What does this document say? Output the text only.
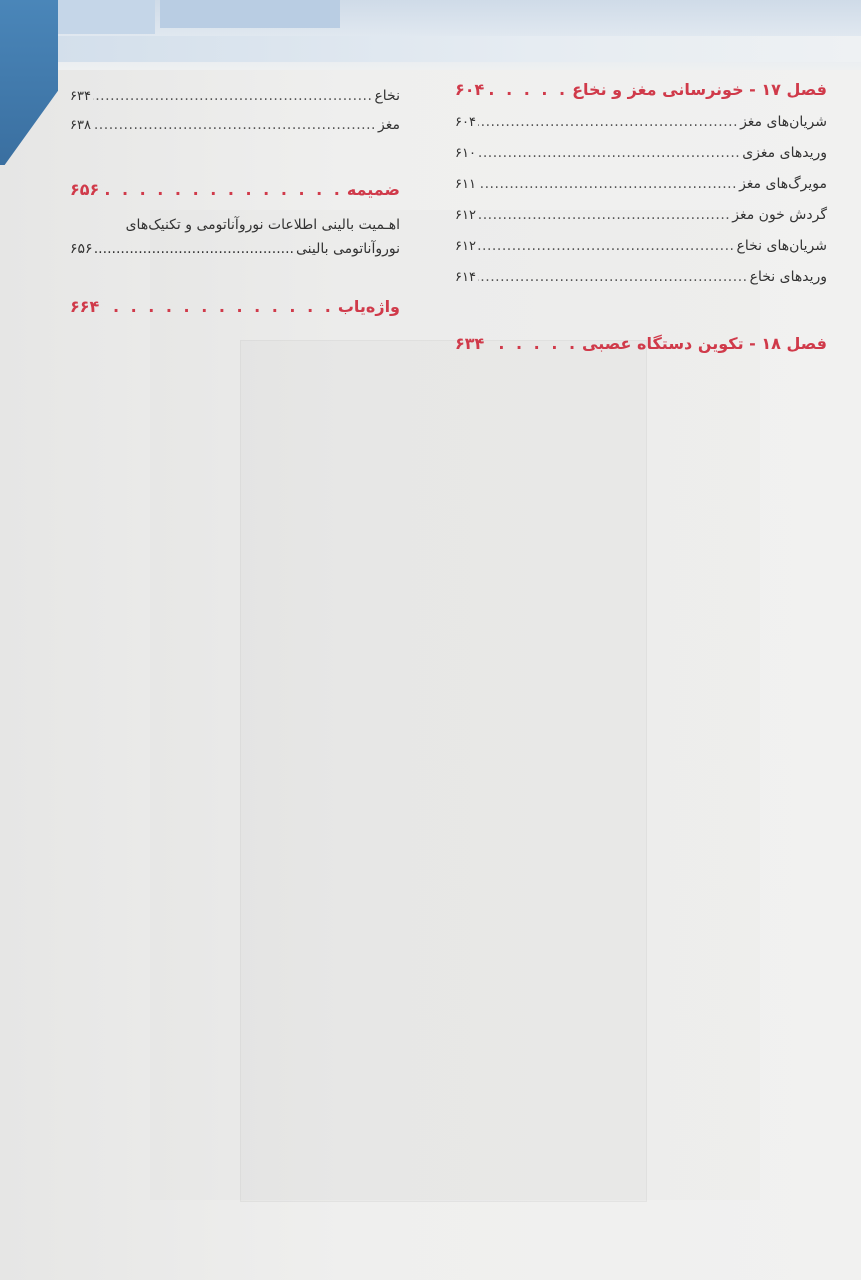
فصل ۱۷ - خونرسانی مغز و نخاع
. . .
۶۰۴
شریان‌های مغز
.....
۶۰۴
وریدهای مغزی
.....
۶۱۰
مویرگ‌های مغز
.....
۶۱۱
گردش خون مغز
.....
۶۱۲
شریان‌های نخاع
.....
۶۱۲
وریدهای نخاع
.....
۶۱۴
فصل ۱۸ - تکوین دستگاه عصبی
. . .
۶۳۴
نخاع
.....
۶۳۴
مغز
.....
۶۳۸
ضمیمه
. . .
۶۵۶
اهـمیت بالینی اطلاعات نوروآناتومی و تکنیک‌های
نوروآناتومی بالینی
.....
۶۵۶
واژه‌یاب
. . .
۶۶۴
